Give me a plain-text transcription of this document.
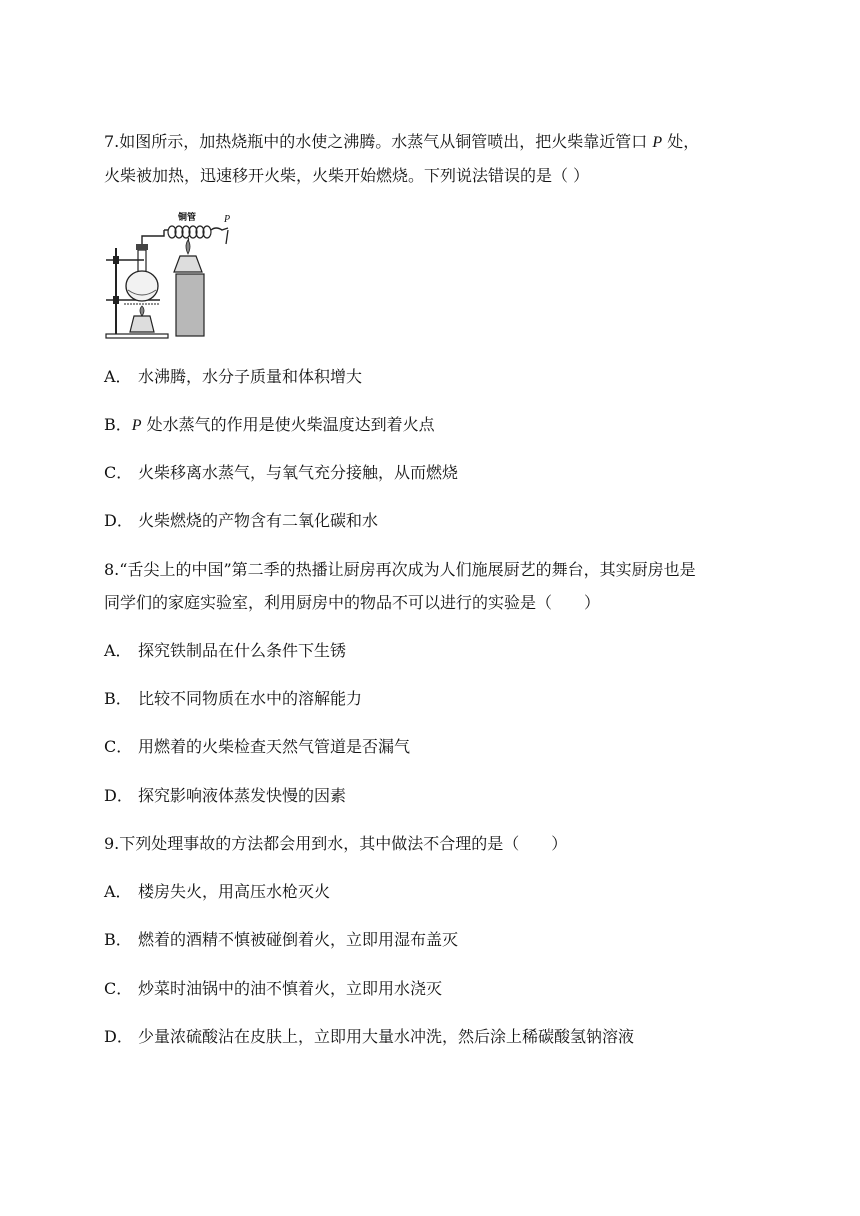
7.如图所示，加热烧瓶中的水使之沸腾。水蒸气从铜管喷出，把火柴靠近管口 P 处，

火柴被加热，迅速移开火柴，火柴开始燃烧。下列说法错误的是（ ）

铜管	P

A． 水沸腾，水分子质量和体积增大

B．P 处水蒸气的作用是使火柴温度达到着火点

C． 火柴移离水蒸气，与氧气充分接触，从而燃烧

D． 火柴燃烧的产物含有二氧化碳和水

8.“舌尖上的中国”第二季的热播让厨房再次成为人们施展厨艺的舞台，其实厨房也是

同学们的家庭实验室，利用厨房中的物品不可以进行的实验是（　　）

A． 探究铁制品在什么条件下生锈

B． 比较不同物质在水中的溶解能力

C． 用燃着的火柴检查天然气管道是否漏气

D． 探究影响液体蒸发快慢的因素

9.下列处理事故的方法都会用到水，其中做法不合理的是（　　）

A． 楼房失火，用高压水枪灭火

B． 燃着的酒精不慎被碰倒着火，立即用湿布盖灭

C． 炒菜时油锅中的油不慎着火，立即用水浇灭

D． 少量浓硫酸沾在皮肤上，立即用大量水冲洗，然后涂上稀碳酸氢钠溶液
